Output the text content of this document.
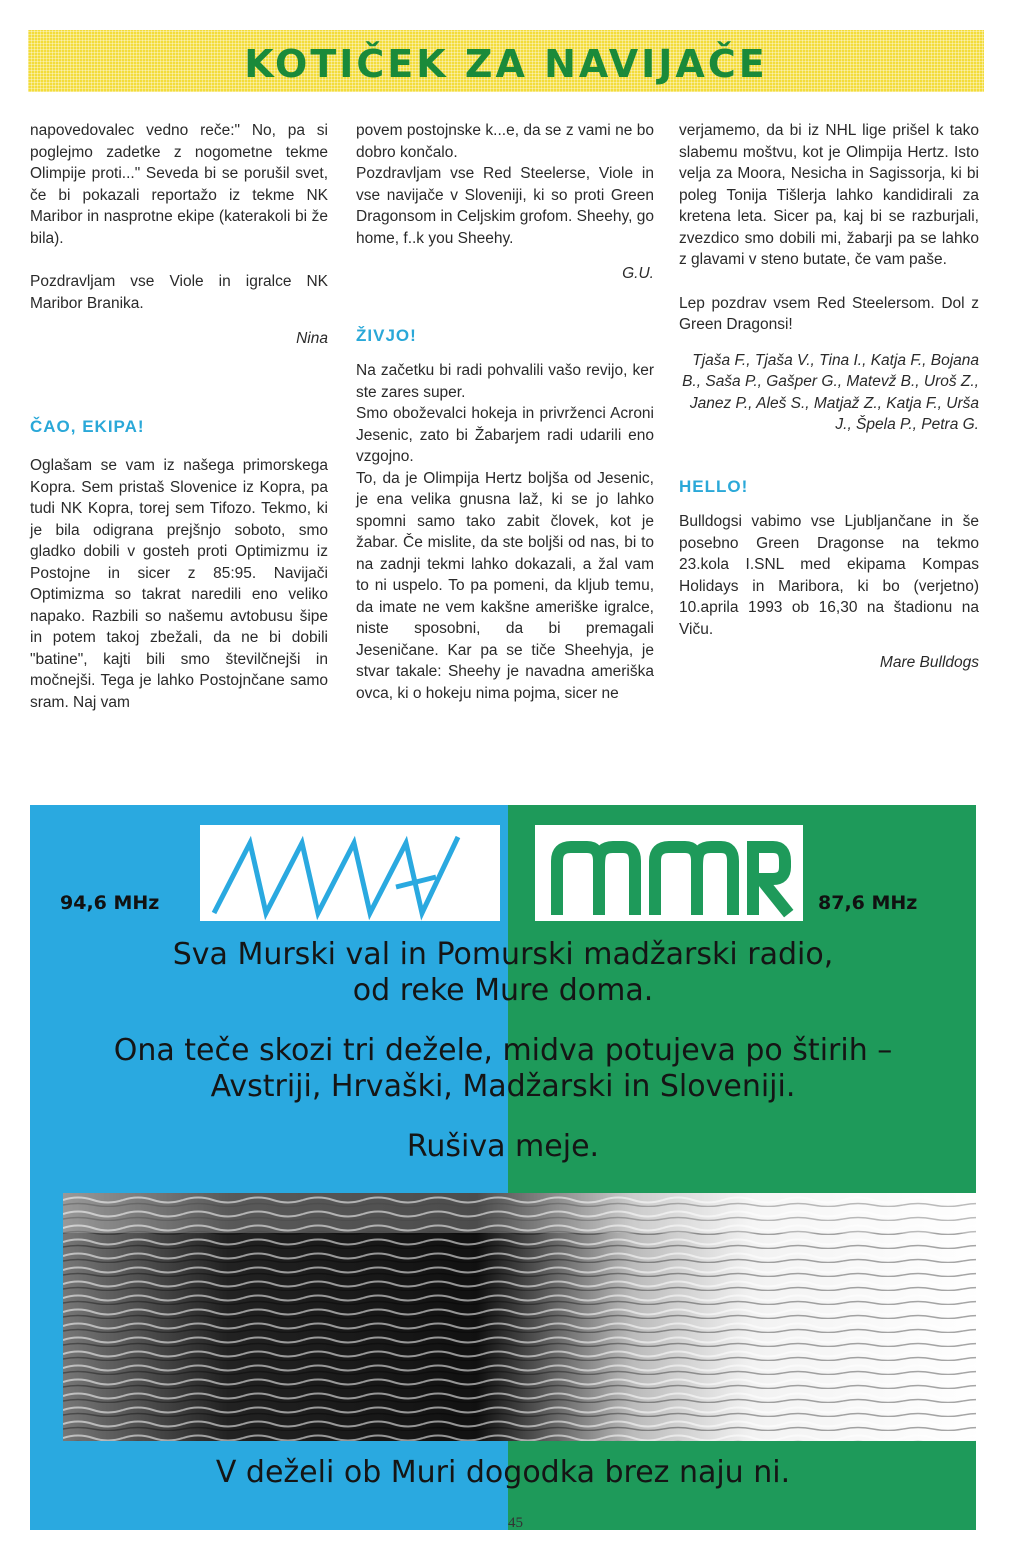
KOTIČEK ZA NAVIJAČE

napovedovalec vedno reče:" No, pa si poglejmo zadetke z nogometne tekme Olimpije proti..." Seveda bi se porušil svet, če bi pokazali reportažo iz tekme NK Maribor in nasprotne ekipe (katerakoli bi že bila).

Pozdravljam vse Viole in igralce NK Maribor Branika.

Nina

ČAO, EKIPA!

Oglašam se vam iz našega primorskega Kopra. Sem pristaš Slovenice iz Kopra, pa tudi NK Kopra, torej sem Tifozo. Tekmo, ki je bila odigrana prejšnjo soboto, smo gladko dobili v gosteh proti Optimizmu iz Postojne in sicer z 85:95. Navijači Optimizma so takrat naredili eno veliko napako. Razbili so našemu avtobusu šipe in potem takoj zbežali, da ne bi dobili "batine", kajti bili smo številčnejši in močnejši. Tega je lahko Postojnčane samo sram. Naj vam

povem postojnske k...e, da se z vami ne bo dobro končalo.

Pozdravljam vse Red Steelerse, Viole in vse navijače v Sloveniji, ki so proti Green Dragonsom in Celjskim grofom. Sheehy, go home, f..k you Sheehy.

G.U.

ŽIVJO!

Na začetku bi radi pohvalili vašo revijo, ker ste zares super.

Smo oboževalci hokeja in privrženci Acroni Jesenic, zato bi Žabarjem radi udarili eno vzgojno.

To, da je Olimpija Hertz boljša od Jesenic, je ena velika gnusna laž, ki se jo lahko spomni samo tako zabit človek, kot je žabar. Če mislite, da ste boljši od nas, bi to na zadnji tekmi lahko dokazali, a žal vam to ni uspelo. To pa pomeni, da kljub temu, da imate ne vem kakšne ameriške igralce, niste sposobni, da bi premagali Jeseničane. Kar pa se tiče Sheehyja, je stvar takale: Sheehy je navadna ameriška ovca, ki o hokeju nima pojma, sicer ne

verjamemo, da bi iz NHL lige prišel k tako slabemu moštvu, kot je Olimpija Hertz. Isto velja za Moora, Nesicha in Sagissorja, ki bi poleg Tonija Tišlerja lahko kandidirali za kretena leta. Sicer pa, kaj bi se razburjali, zvezdico smo dobili mi, žabarji pa se lahko z glavami v steno butate, če vam paše.

Lep pozdrav vsem Red Steelersom. Dol z Green Dragonsi!

Tjaša F., Tjaša V., Tina I., Katja F., Bojana B., Saša P., Gašper G., Matevž B., Uroš Z., Janez P., Aleš S., Matjaž Z., Katja F., Urša J., Špela P., Petra G.

HELLO!

Bulldogsi vabimo vse Ljubljančane in še posebno Green Dragonse na tekmo 23.kola I.SNL med ekipama Kompas Holidays in Maribora, ki bo (verjetno) 10.aprila 1993 ob 16,30 na štadionu na Viču.

Mare Bulldogs

94,6 MHz	87,6 MHz
Sva Murski val in Pomurski madžarski radio,
od reke Mure doma.
Ona teče skozi tri dežele, midva potujeva po štirih –
Avstriji, Hrvaški, Madžarski in Sloveniji.
Rušiva meje.
V deželi ob Muri dogodka brez naju ni.
45
